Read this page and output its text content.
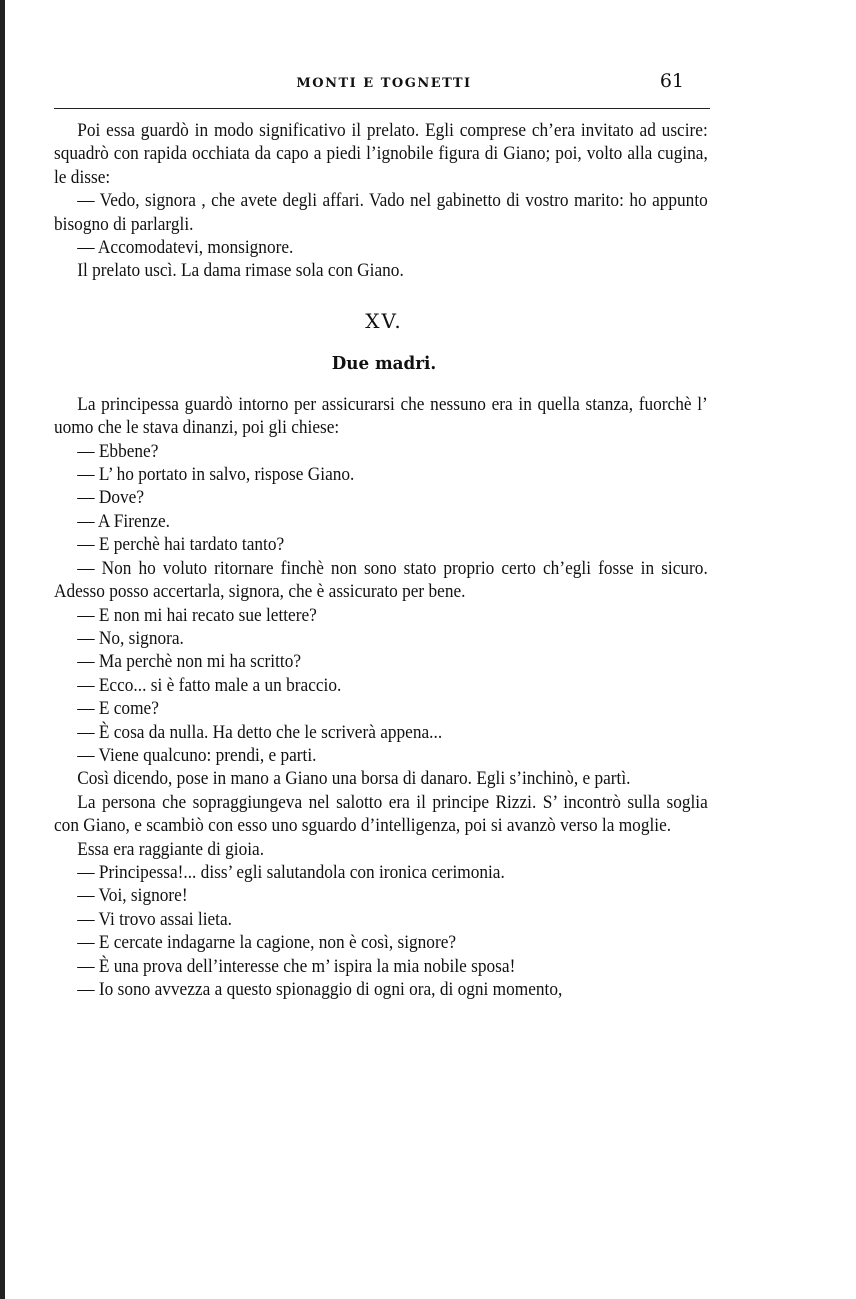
MONTI E TOGNETTI	61

Poi essa guardò in modo significativo il prelato. Egli comprese ch’era invitato ad uscire: squadrò con rapida occhiata da capo a piedi l’ignobile figura di Giano; poi, volto alla cugina, le disse:

— Vedo, signora , che avete degli affari. Vado nel gabinetto di vostro marito: ho appunto bisogno di parlargli.

— Accomodatevi, monsignore.

Il prelato uscì. La dama rimase sola con Giano.

XV.
Due madri.

La principessa guardò intorno per assicurarsi che nessuno era in quella stanza, fuorchè l’ uomo che le stava dinanzi, poi gli chiese:

— Ebbene?

— L’ ho portato in salvo, rispose Giano.

— Dove?

— A Firenze.

— E perchè hai tardato tanto?

— Non ho voluto ritornare finchè non sono stato proprio certo ch’egli fosse in sicuro. Adesso posso accertarla, signora, che è assicurato per bene.

— E non mi hai recato sue lettere?

— No, signora.

— Ma perchè non mi ha scritto?

— Ecco... si è fatto male a un braccio.

— E come?

— È cosa da nulla. Ha detto che le scriverà appena...

— Viene qualcuno: prendi, e parti.

Così dicendo, pose in mano a Giano una borsa di danaro. Egli s’inchinò, e partì.

La persona che sopraggiungeva nel salotto era il principe Rizzi. S’ incontrò sulla soglia con Giano, e scambiò con esso uno sguardo d’intelligenza, poi si avanzò verso la moglie.

Essa era raggiante di gioia.

— Principessa!... diss’ egli salutandola con ironica cerimonia.

— Voi, signore!

— Vi trovo assai lieta.

— E cercate indagarne la cagione, non è così, signore?

— È una prova dell’interesse che m’ ispira la mia nobile sposa!

— Io sono avvezza a questo spionaggio di ogni ora, di ogni momento,
